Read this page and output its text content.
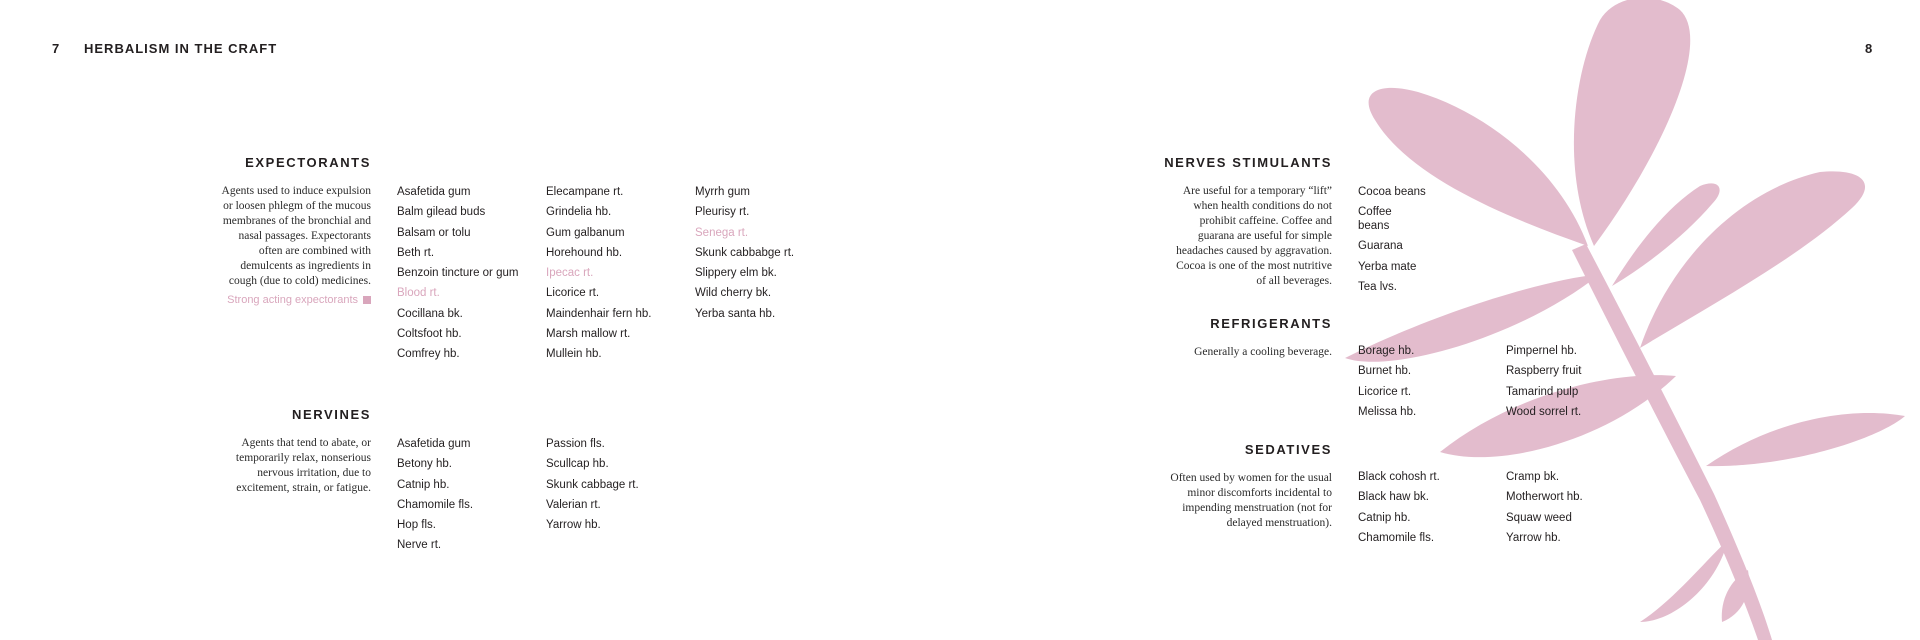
7 HERBALISM IN THE CRAFT	8
EXPECTORANTS
Agents used to induce expulsion
or loosen phlegm of the mucous
membranes of the bronchial and
nasal passages. Expectorants
often are combined with
demulcents as ingredients in
cough (due to cold) medicines.
Strong acting expectorants
Asafetida gum
Balm gilead buds
Balsam or tolu
Beth rt.
Benzoin tincture or gum
Blood rt.
Cocillana bk.
Coltsfoot hb.
Comfrey hb.
Elecampane rt.
Grindelia hb.
Gum galbanum
Horehound hb.
Ipecac rt.
Licorice rt.
Maindenhair fern hb.
Marsh mallow rt.
Mullein hb.
Myrrh gum
Pleurisy rt.
Senega rt.
Skunk cabbabge rt.
Slippery elm bk.
Wild cherry bk.
Yerba santa hb.
NERVINES
Agents that tend to abate, or
temporarily relax, nonserious
nervous irritation, due to
excitement, strain, or fatigue.
Asafetida gum
Betony hb.
Catnip hb.
Chamomile fls.
Hop fls.
Nerve rt.
Passion fls.
Scullcap hb.
Skunk cabbage rt.
Valerian rt.
Yarrow hb.
NERVES STIMULANTS
Are useful for a temporary “lift”
when health conditions do not
prohibit caffeine. Coffee and
guarana are useful for simple
headaches caused by aggravation.
Cocoa is one of the most nutritive
of all beverages.
Cocoa beans
Coffee
beans
Guarana
Yerba mate
Tea lvs.
REFRIGERANTS
Generally a cooling beverage. Borage hb.
Burnet hb.
Licorice rt.
Melissa hb.
Pimpernel hb.
Raspberry fruit
Tamarind pulp
Wood sorrel rt.
SEDATIVES
Often used by women for the usual
minor discomforts incidental to
impending menstruation (not for
delayed menstruation).
Black cohosh rt.
Black haw bk.
Catnip hb.
Chamomile fls.
Cramp bk.
Motherwort hb.
Squaw weed
Yarrow hb.
